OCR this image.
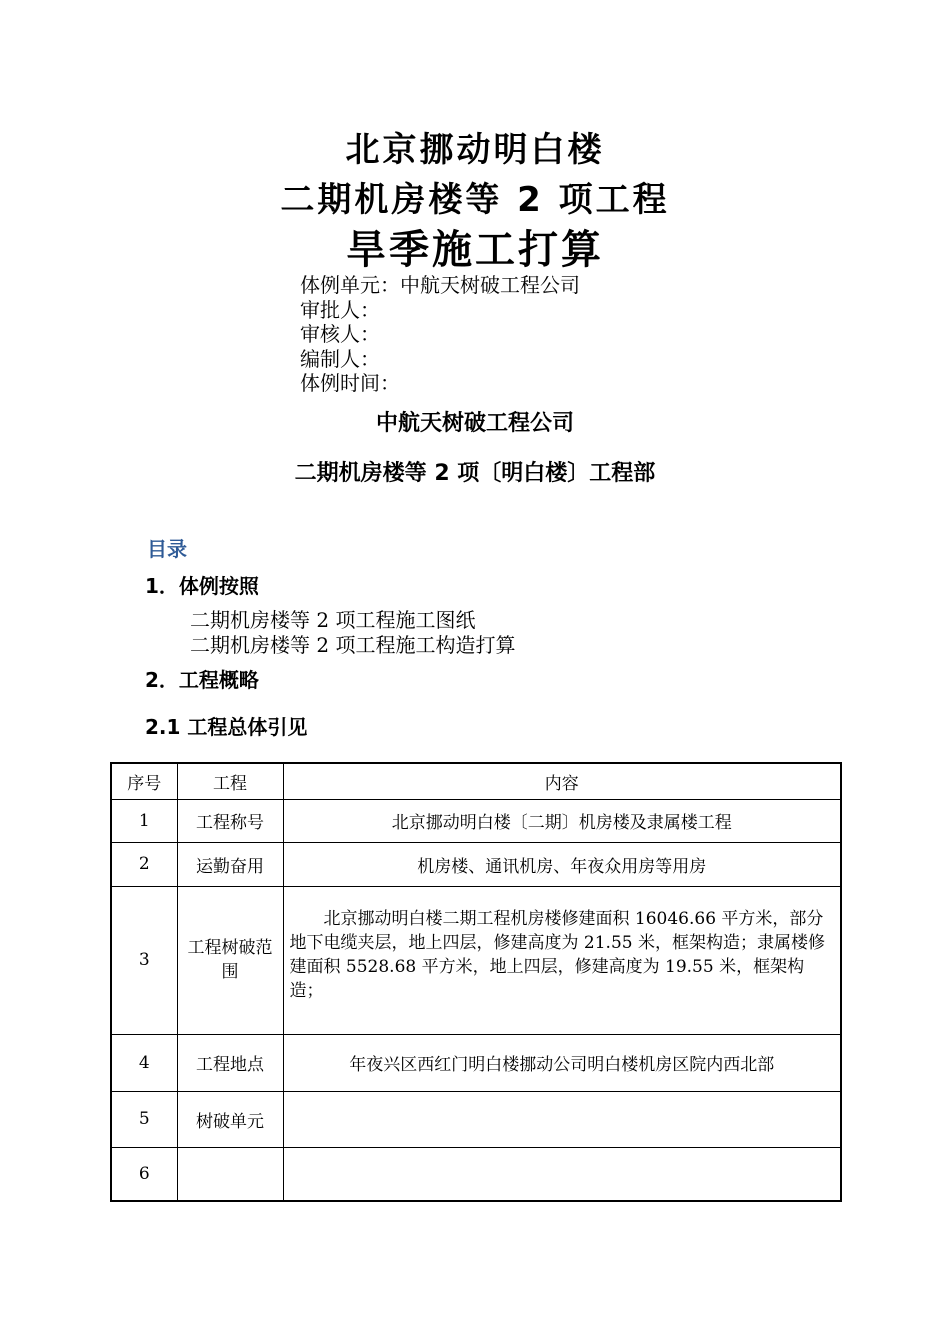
北京挪动明白楼
二期机房楼等 2 项工程
旱季施工打算
体例单元：中航天树破工程公司
审批人：
审核人：
编制人：
体例时间：
中航天树破工程公司
二期机房楼等 2 项〔明白楼〕工程部
目录
1．体例按照
二期机房楼等 2 项工程施工图纸
二期机房楼等 2 项工程施工构造打算
2．工程概略
2.1 工程总体引见
序号	工程	内容
1	工程称号	北京挪动明白楼〔二期〕机房楼及隶属楼工程
2	运勤奋用	机房楼、通讯机房、年夜众用房等用房
3	工程树破范围	北京挪动明白楼二期工程机房楼修建面积 16046.66 平方米，部分地下电缆夹层，地上四层，修建高度为 21.55 米，框架构造；隶属楼修建面积 5528.68 平方米，地上四层，修建高度为 19.55 米，框架构造；
4	工程地点	年夜兴区西红门明白楼挪动公司明白楼机房区院内西北部
5	树破单元	
6		
